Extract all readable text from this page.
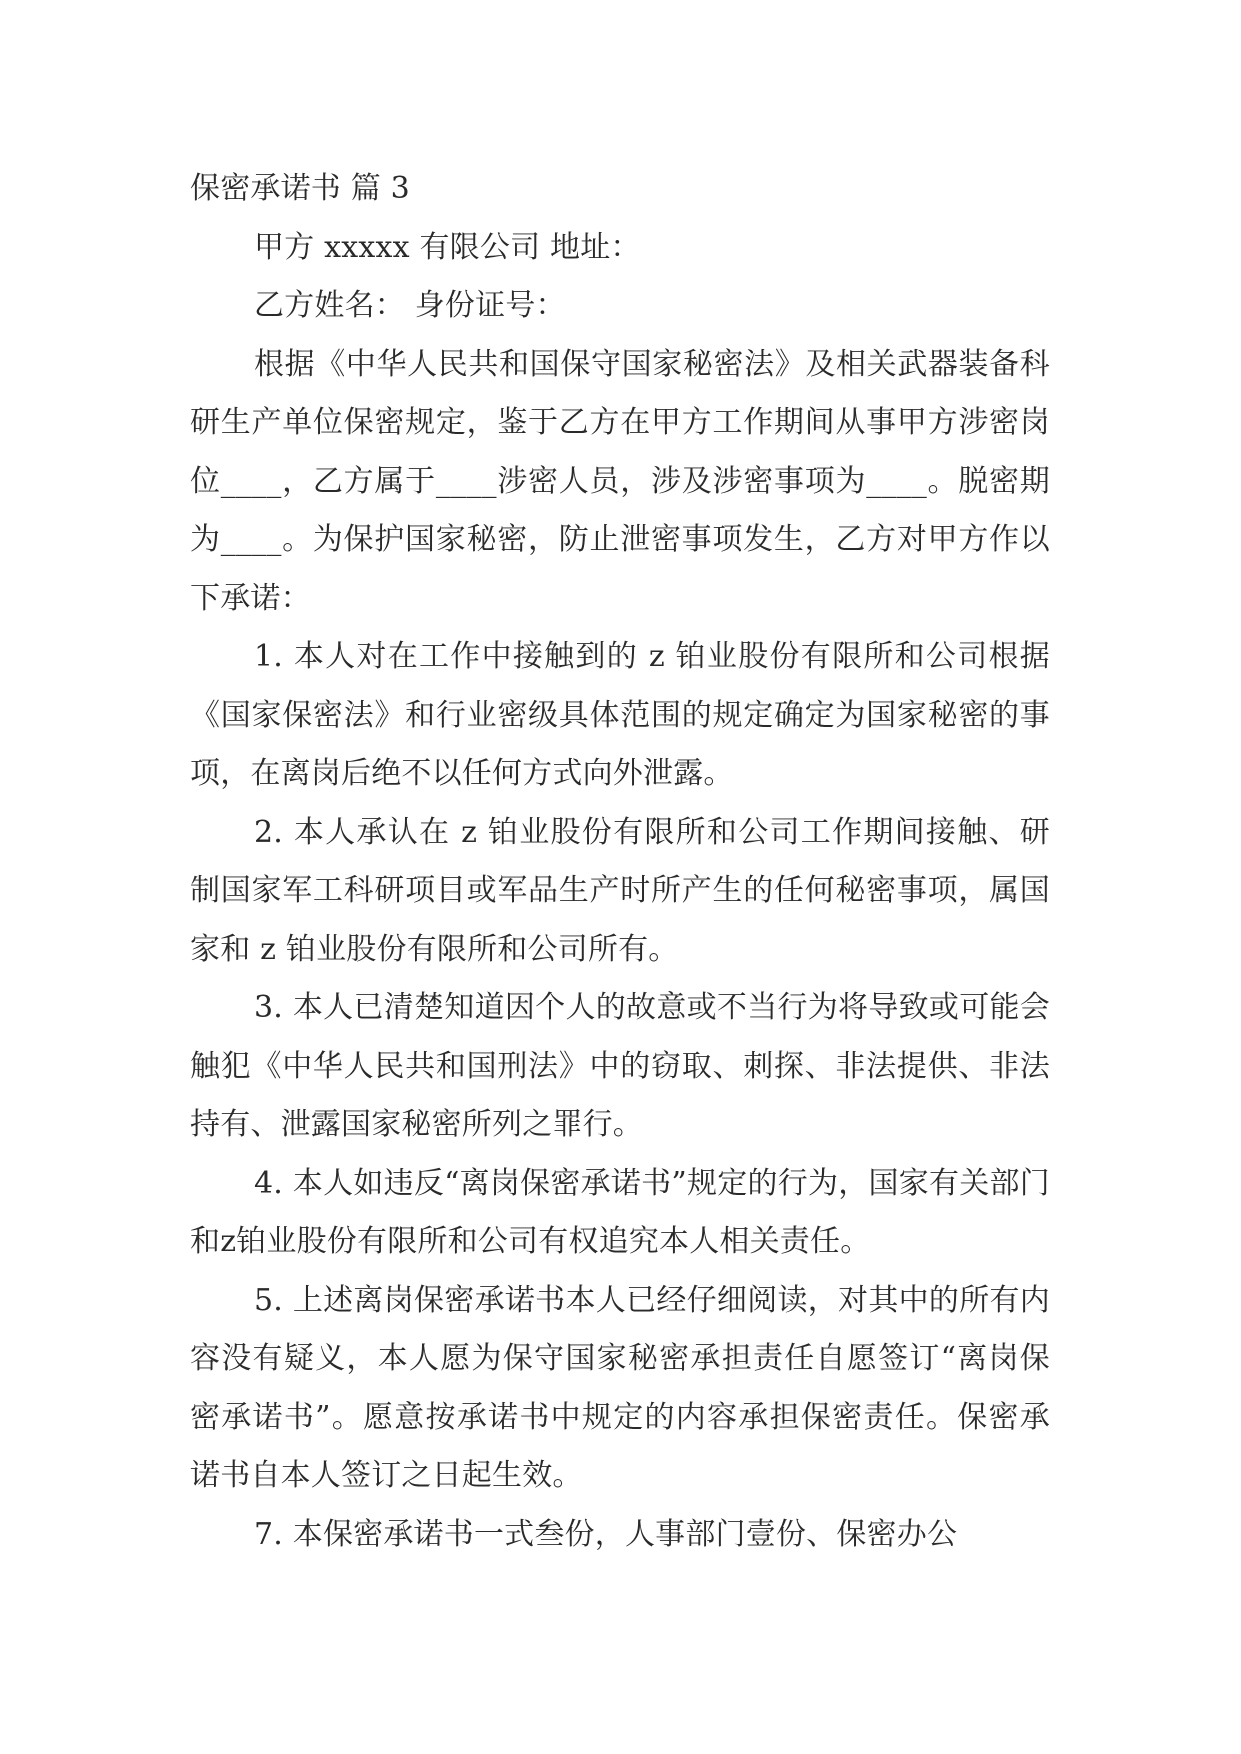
保密承诺书 篇 3
甲方 xxxxx 有限公司 地址：
乙方姓名： 身份证号：

根据《中华人民共和国保守国家秘密法》及相关武器装备科研生产单位保密规定，鉴于乙方在甲方工作期间从事甲方涉密岗位____，乙方属于____涉密人员，涉及涉密事项为____。脱密期为____。为保护国家秘密，防止泄密事项发生，乙方对甲方作以下承诺：

1. 本人对在工作中接触到的 z 铂业股份有限所和公司根据《国家保密法》和行业密级具体范围的规定确定为国家秘密的事项，在离岗后绝不以任何方式向外泄露。

2. 本人承认在 z 铂业股份有限所和公司工作期间接触、研制国家军工科研项目或军品生产时所产生的任何秘密事项，属国家和 z 铂业股份有限所和公司所有。

3. 本人已清楚知道因个人的故意或不当行为将导致或可能会触犯《中华人民共和国刑法》中的窃取、刺探、非法提供、非法持有、泄露国家秘密所列之罪行。

4. 本人如违反“离岗保密承诺书”规定的行为，国家有关部门和z铂业股份有限所和公司有权追究本人相关责任。

5. 上述离岗保密承诺书本人已经仔细阅读，对其中的所有内容没有疑义，本人愿为保守国家秘密承担责任自愿签订“离岗保密承诺书”。愿意按承诺书中规定的内容承担保密责任。保密承诺书自本人签订之日起生效。

7. 本保密承诺书一式叁份，人事部门壹份、保密办公
